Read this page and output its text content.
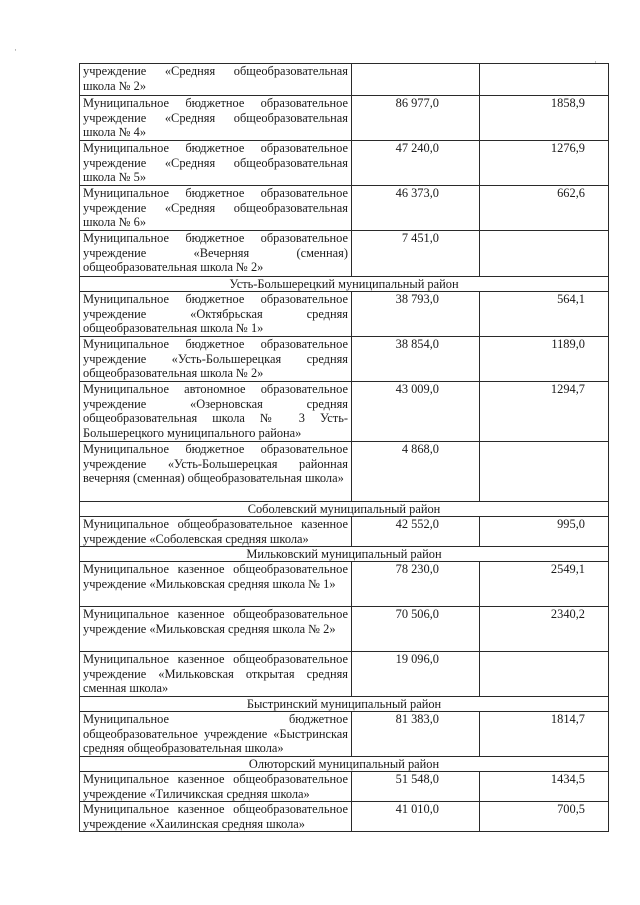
·
·
учреждение «Средняя общеобразовательная школа № 2»		
Муниципальное бюджетное образовательное учреждение «Средняя общеобразовательная школа № 4»	86 977,0	1858,9
Муниципальное бюджетное образовательное учреждение «Средняя общеобразовательная школа № 5»	47 240,0	1276,9
Муниципальное бюджетное образовательное учреждение «Средняя общеобразовательная школа № 6»	46 373,0	662,6
Муниципальное бюджетное образовательное учреждение «Вечерняя (сменная) общеобразовательная школа № 2»	7 451,0	
Усть-Большерецкий муниципальный район		
Муниципальное бюджетное образовательное учреждение «Октябрьская средняя общеобразовательная школа № 1»	38 793,0	564,1
Муниципальное бюджетное образовательное учреждение «Усть-Большерецкая средняя общеобразовательная школа № 2»	38 854,0	1189,0
Муниципальное автономное образовательное учреждение «Озерновская средняя общеобразовательная школа № 3 Усть-Большерецкого муниципального района»	43 009,0	1294,7
Муниципальное бюджетное образовательное учреждение «Усть-Большерецкая районная вечерняя (сменная) общеобразовательная школа»	4 868,0	
Соболевский муниципальный район		
Муниципальное общеобразовательное казенное учреждение «Соболевская средняя школа»	42 552,0	995,0
Мильковский муниципальный район		
Муниципальное казенное общеобразовательное учреждение «Мильковская средняя школа № 1»	78 230,0	2549,1
Муниципальное казенное общеобразовательное учреждение «Мильковская средняя школа № 2»	70 506,0	2340,2
Муниципальное казенное общеобразовательное учреждение «Мильковская открытая средняя сменная школа»	19 096,0	
Быстринский муниципальный район		
Муниципальное бюджетное общеобразовательное учреждение «Быстринская средняя общеобразовательная школа»	81 383,0	1814,7
Олюторский муниципальный район		
Муниципальное казенное общеобразовательное учреждение «Тиличикская средняя школа»	51 548,0	1434,5
Муниципальное казенное общеобразовательное учреждение «Хаилинская средняя школа»	41 010,0	700,5
